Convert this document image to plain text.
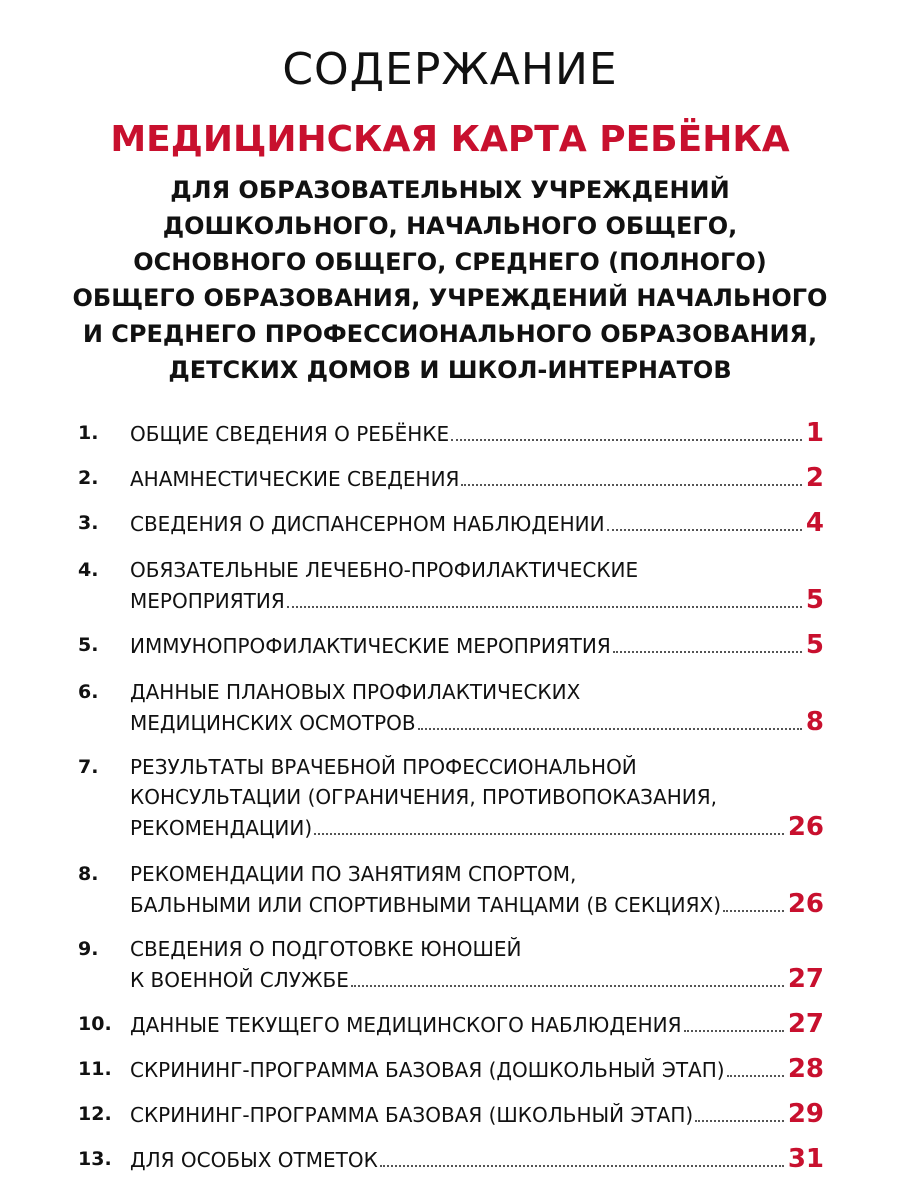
СОДЕРЖАНИЕ
МЕДИЦИНСКАЯ КАРТА РЕБЁНКА
ДЛЯ ОБРАЗОВАТЕЛЬНЫХ УЧРЕЖДЕНИЙ
ДОШКОЛЬНОГО, НАЧАЛЬНОГО ОБЩЕГО,
ОСНОВНОГО ОБЩЕГО, СРЕДНЕГО (ПОЛНОГО)
ОБЩЕГО ОБРАЗОВАНИЯ, УЧРЕЖДЕНИЙ НАЧАЛЬНОГО
И СРЕДНЕГО ПРОФЕССИОНАЛЬНОГО ОБРАЗОВАНИЯ,
ДЕТСКИХ ДОМОВ И ШКОЛ-ИНТЕРНАТОВ
1.	ОБЩИЕ СВЕДЕНИЯ О РЕБЁНКЕ	1
2.	АНАМНЕСТИЧЕСКИЕ СВЕДЕНИЯ	2
3.	СВЕДЕНИЯ О ДИСПАНСЕРНОМ НАБЛЮДЕНИИ	4
4.	ОБЯЗАТЕЛЬНЫЕ ЛЕЧЕБНО-ПРОФИЛАКТИЧЕСКИЕ
МЕРОПРИЯТИЯ	5
5.	ИММУНОПРОФИЛАКТИЧЕСКИЕ МЕРОПРИЯТИЯ	5
6.	ДАННЫЕ ПЛАНОВЫХ ПРОФИЛАКТИЧЕСКИХ
МЕДИЦИНСКИХ ОСМОТРОВ	8
7.	РЕЗУЛЬТАТЫ ВРАЧЕБНОЙ ПРОФЕССИОНАЛЬНОЙ
КОНСУЛЬТАЦИИ (ОГРАНИЧЕНИЯ, ПРОТИВОПОКАЗАНИЯ,
РЕКОМЕНДАЦИИ)	26
8.	РЕКОМЕНДАЦИИ ПО ЗАНЯТИЯМ СПОРТОМ,
БАЛЬНЫМИ ИЛИ СПОРТИВНЫМИ ТАНЦАМИ (В СЕКЦИЯХ)	26
9.	СВЕДЕНИЯ О ПОДГОТОВКЕ ЮНОШЕЙ
К ВОЕННОЙ СЛУЖБЕ	27
10. ДАННЫЕ ТЕКУЩЕГО МЕДИЦИНСКОГО НАБЛЮДЕНИЯ	27
11. СКРИНИНГ-ПРОГРАММА БАЗОВАЯ (ДОШКОЛЬНЫЙ ЭТАП) 28
12. СКРИНИНГ-ПРОГРАММА БАЗОВАЯ (ШКОЛЬНЫЙ ЭТАП)	29
13. ДЛЯ ОСОБЫХ ОТМЕТОК	31
